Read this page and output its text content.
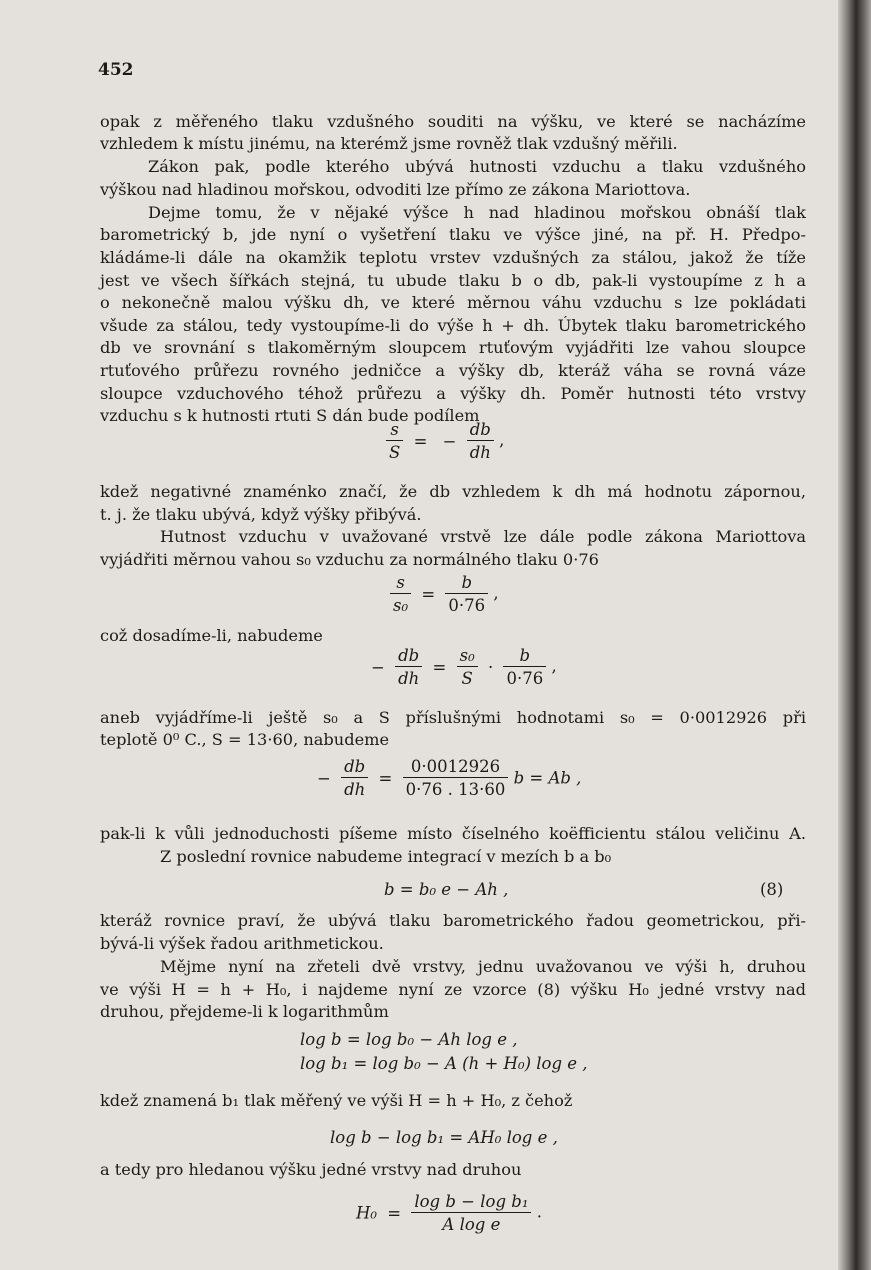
452
opak z měřeného tlaku vzdušného souditi na výšku, ve které se nacházíme
vzhledem k místu jinému, na kterémž jsme rovněž tlak vzdušný měřili.
Zákon pak, podle kterého ubývá hutnosti vzduchu a tlaku vzdušného
výškou nad hladinou mořskou, odvoditi lze přímo ze zákona Mariottova.
Dejme tomu, že v nějaké výšce h nad hladinou mořskou obnáší tlak
barometrický b, jde nyní o vyšetření tlaku ve výšce jiné, na př. H. Předpo-
kládáme-li dále na okamžik teplotu vrstev vzdušných za stálou, jakož že tíže
jest ve všech šířkách stejná, tu ubude tlaku b o db, pak-li vystoupíme z h a
o nekonečně malou výšku dh, ve které měrnou váhu vzduchu s lze pokládati
všude za stálou, tedy vystoupíme-li do výše h + dh. Úbytek tlaku barometrického
db ve srovnání s tlakoměrným sloupcem rtuťovým vyjádřiti lze vahou sloupce
rtuťového průřezu rovného jedničce a výšky db, kteráž váha se rovná váze
sloupce vzduchového téhož průřezu a výšky dh. Poměr hutnosti této vrstvy
vzduchu s k hutnosti rtuti S dán bude podílem
$\frac{s}{S}$ = − $\frac{db}{dh}$ ,
kdež negativné znaménko značí, že db vzhledem k dh má hodnotu zápornou,
t. j. že tlaku ubývá, když výšky přibývá.
Hutnost vzduchu v uvažované vrstvě lze dále podle zákona Mariottova
vyjádřiti měrnou vahou s₀ vzduchu za normálného tlaku 0·76
$\frac{s}{\text{s₀}} = \frac{b}{0\cdot 76}$ ,
což dosadíme-li, nabudeme
− $\frac{db}{dh} = \frac{\text{s₀}}{S} \cdot \frac{b}{0\cdot 76}$ ,
aneb vyjádříme-li ještě s₀ a S příslušnými hodnotami s₀ = 0·0012926 při
teplotě 0⁰ C., S = 13·60, nabudeme
− $\frac{db}{dh} = \frac{0\cdot 0012926}{0\cdot 76 . 13\cdot 60}$ b = Ab ,
pak-li k vůli jednoduchosti píšeme místo číselného koëfficientu stálou veličinu A.
Z poslední rovnice nabudeme integrací v mezích b a b₀
b = b₀ e − Ah ,	(8)
kteráž rovnice praví, že ubývá tlaku barometrického řadou geometrickou, při-
bývá-li výšek řadou arithmetickou.
Mějme nyní na zřeteli dvě vrstvy, jednu uvažovanou ve výši h, druhou
ve výši H = h + H₀, i najdeme nyní ze vzorce (8) výšku H₀ jedné vrstvy nad
druhou, přejdeme-li k logarithmům
log b = log b₀ − Ah log e ,
log b₁ = log b₀ − A (h + H₀) log e ,
kdež znamená b₁ tlak měřený ve výši H = h + H₀, z čehož
log b − log b₁ = AH₀ log e ,
a tedy pro hledanou výšku jedné vrstvy nad druhou
$H_0 = \frac{\text{log b − log b₁}}{\text{A log e}}$ .
